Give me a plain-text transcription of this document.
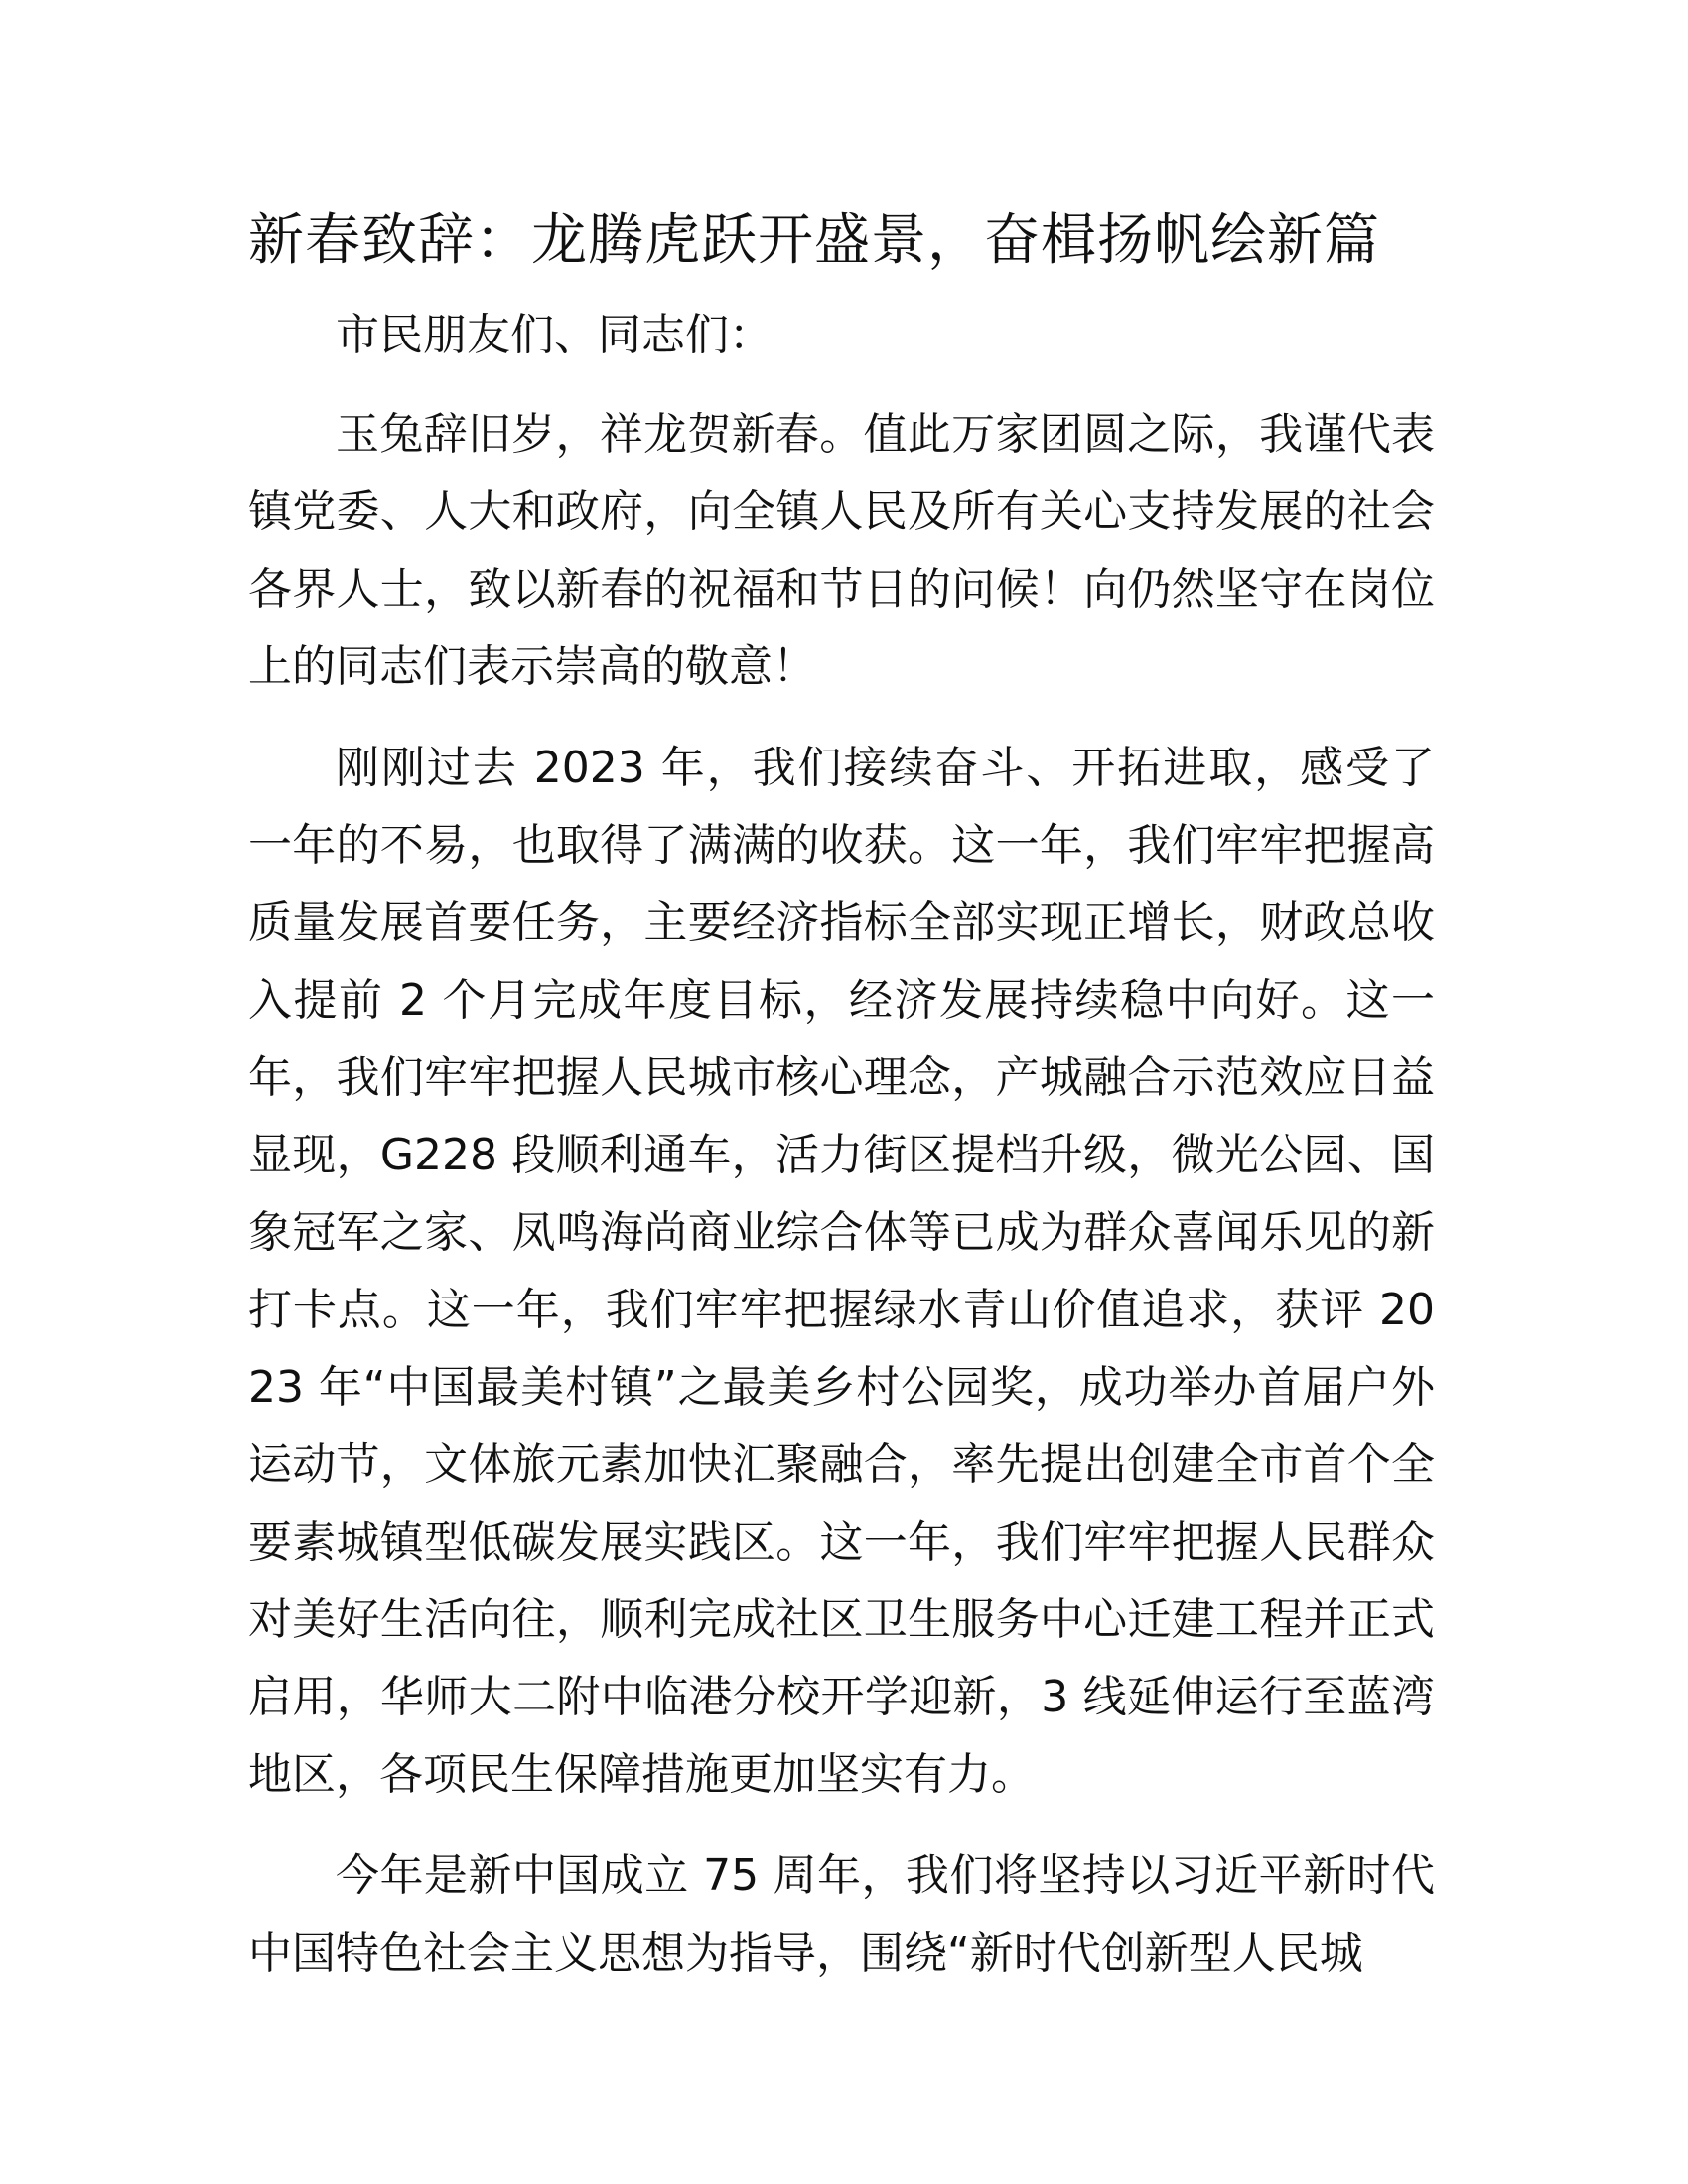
新春致辞：龙腾虎跃开盛景，奋楫扬帆绘新篇

市民朋友们、同志们：

玉兔辞旧岁，祥龙贺新春。值此万家团圆之际，我谨代表镇党委、人大和政府，向全镇人民及所有关心支持发展的社会各界人士，致以新春的祝福和节日的问候！向仍然坚守在岗位上的同志们表示崇高的敬意！

刚刚过去 2023 年，我们接续奋斗、开拓进取，感受了一年的不易，也取得了满满的收获。这一年，我们牢牢把握高质量发展首要任务，主要经济指标全部实现正增长，财政总收入提前 2 个月完成年度目标，经济发展持续稳中向好。这一年，我们牢牢把握人民城市核心理念，产城融合示范效应日益显现，G228 段顺利通车，活力街区提档升级，微光公园、国象冠军之家、凤鸣海尚商业综合体等已成为群众喜闻乐见的新打卡点。这一年，我们牢牢把握绿水青山价值追求，获评 2023 年“中国最美村镇”之最美乡村公园奖，成功举办首届户外运动节，文体旅元素加快汇聚融合，率先提出创建全市首个全要素城镇型低碳发展实践区。这一年，我们牢牢把握人民群众对美好生活向往，顺利完成社区卫生服务中心迁建工程并正式启用，华师大二附中临港分校开学迎新，3 线延伸运行至蓝湾地区，各项民生保障措施更加坚实有力。

今年是新中国成立 75 周年，我们将坚持以习近平新时代中国特色社会主义思想为指导，围绕“新时代创新型人民城
